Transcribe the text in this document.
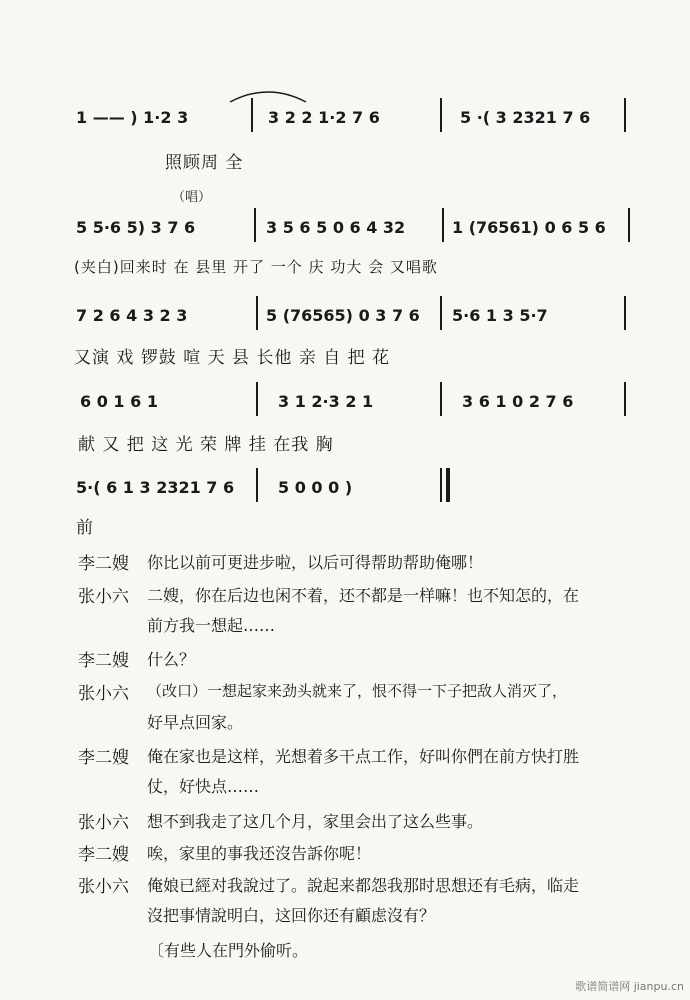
1 —— ) 1·2 3	3 2 2 1·2 7 6	5 ·( 3 2321 7 6
照顾周 全
（唱）
5 5·6 5) 3 7 6	3 5 6 5 0 6 4 32	1 (76561) 0 6 5 6
(夹白)回来时 在 县里 开了 一个 庆 功大 会 又唱歌
7 2 6 4 3 2 3	5 (76565) 0 3 7 6 5·6 1 3 5·7
又演 戏 锣鼓 喧 天 县 长他 亲 自 把 花
6 0 1 6 1	3 1 2·3 2 1	3 6 1 0 2 7 6
献 又 把 这 光 荣 牌 挂 在我 胸
5·( 6 1 3 2321 7 6	5 0 0 0 )
前
李二嫂 你比以前可更进步啦，以后可得帮助帮助俺哪！
张小六 二嫂，你在后边也闲不着，还不都是一样嘛！也不知怎的，在
前方我一想起……
李二嫂 什么？
张小六 （改口）一想起家来劲头就来了，恨不得一下子把敌人消灭了，
好早点回家。
李二嫂 俺在家也是这样，光想着多干点工作，好叫你們在前方快打胜
仗，好快点……
张小六 想不到我走了这几个月，家里会出了这么些事。
李二嫂 唉，家里的事我还沒告訴你呢！
张小六 俺娘已經对我說过了。說起来都怨我那时思想还有毛病，临走
沒把事情說明白，这回你还有顧虑沒有？
〔有些人在門外偷听。
歌谱简谱网 jianpu.cn
